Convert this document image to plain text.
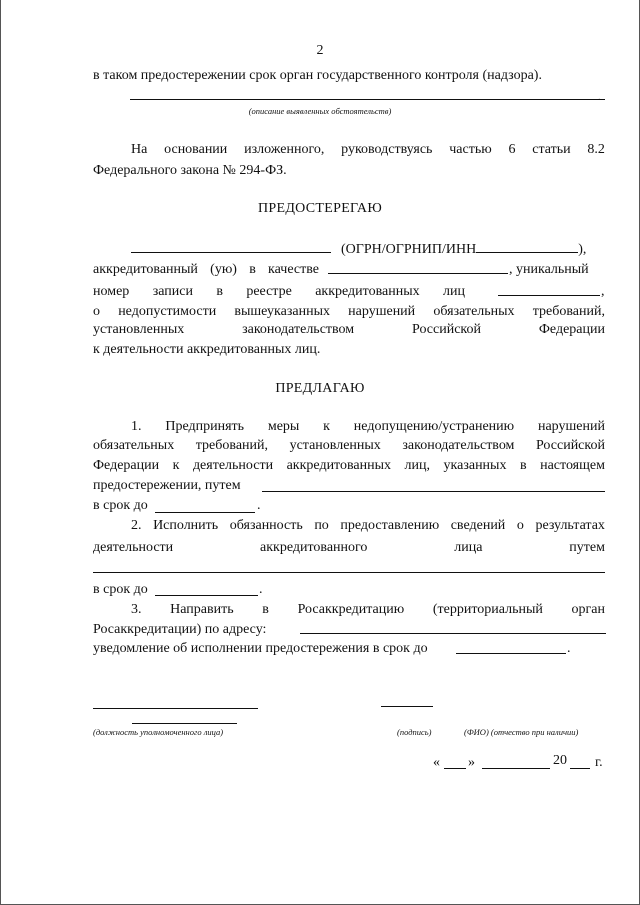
2
в таком предостережении срок орган государственного контроля (надзора).
.
(описание выявленных обстоятельств)
На основании изложенного, руководствуясь частью 6 статьи 8.2
Федерального закона № 294-ФЗ.
ПРЕДОСТЕРЕГАЮ
(ОГРН/ОГРНИП/ИНН	),
аккредитованный (ую) в качестве	, уникальный
номер записи в реестре аккредитованных лиц	,
о недопустимости вышеуказанных нарушений обязательных требований,
установленных	законодательством	Российской	Федерации
к деятельности аккредитованных лиц.
ПРЕДЛАГАЮ
1. Предпринять меры к недопущению/устранению нарушений
обязательных требований, установленных законодательством Российской
Федерации к деятельности аккредитованных лиц, указанных в настоящем
предостережении, путем
в срок до	.
2. Исполнить обязанность по предоставлению сведений о результатах
деятельности	аккредитованного	лица	путем
в срок до	.
3. Направить в Росаккредитацию (территориальный орган
Росаккредитации) по адресу:
уведомление об исполнении предостережения в срок до	.
(должность уполномоченного лица)	(подпись)	(ФИО) (отчество при наличии)
« »	20 г.
